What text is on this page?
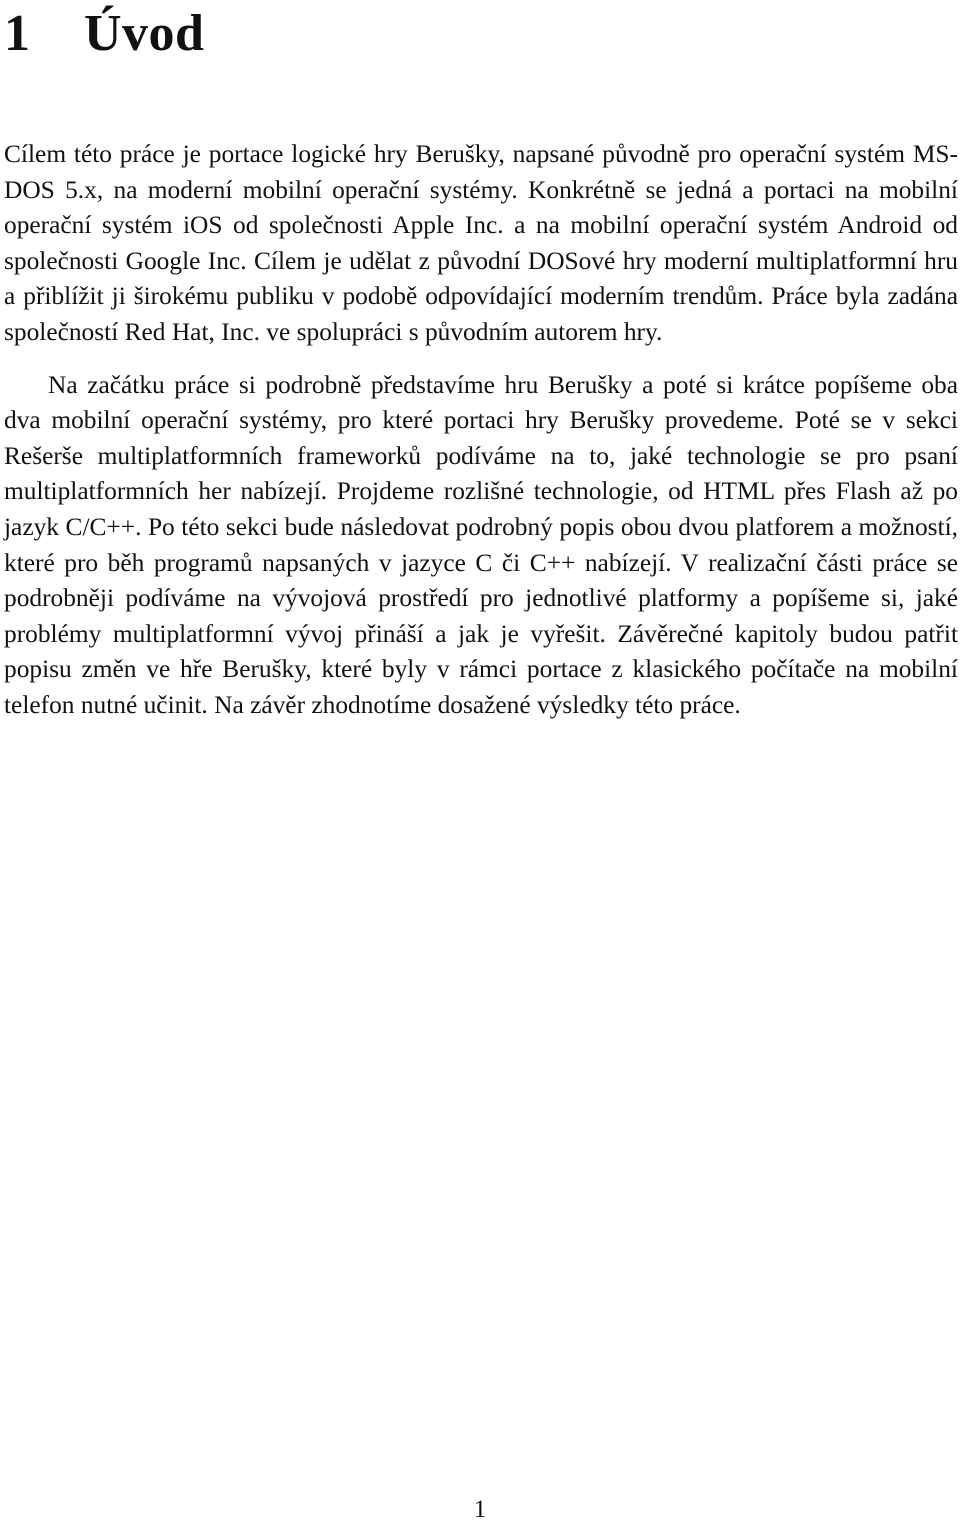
1 Úvod

Cílem této práce je portace logické hry Berušky, napsané původně pro operační systém MS-DOS 5.x, na moderní mobilní operační systémy. Konkrétně se jedná a portaci na mobilní operační systém iOS od společnosti Apple Inc. a na mobilní operační systém Android od společnosti Google Inc. Cílem je udělat z původní DOSové hry moderní multiplatformní hru a přiblížit ji širokému publiku v podobě odpovídající moderním trendům. Práce byla zadána společností Red Hat, Inc. ve spolupráci s původním autorem hry.

Na začátku práce si podrobně představíme hru Berušky a poté si krátce popíšeme oba dva mobilní operační systémy, pro které portaci hry Berušky provedeme. Poté se v sekci Rešerše multiplatformních frameworků podíváme na to, jaké technologie se pro psaní multiplatformních her nabízejí. Projdeme rozlišné technologie, od HTML přes Flash až po jazyk C/C++. Po této sekci bude následovat podrobný popis obou dvou platforem a možností, které pro běh programů napsaných v jazyce C či C++ nabízejí. V realizační části práce se podrobněji podíváme na vývojová prostředí pro jednotlivé platformy a popíšeme si, jaké problémy multiplatformní vývoj přináší a jak je vyřešit. Závěrečné kapitoly budou patřit popisu změn ve hře Berušky, které byly v rámci portace z klasického počítače na mobilní telefon nutné učinit. Na závěr zhodnotíme dosažené výsledky této práce.

1
